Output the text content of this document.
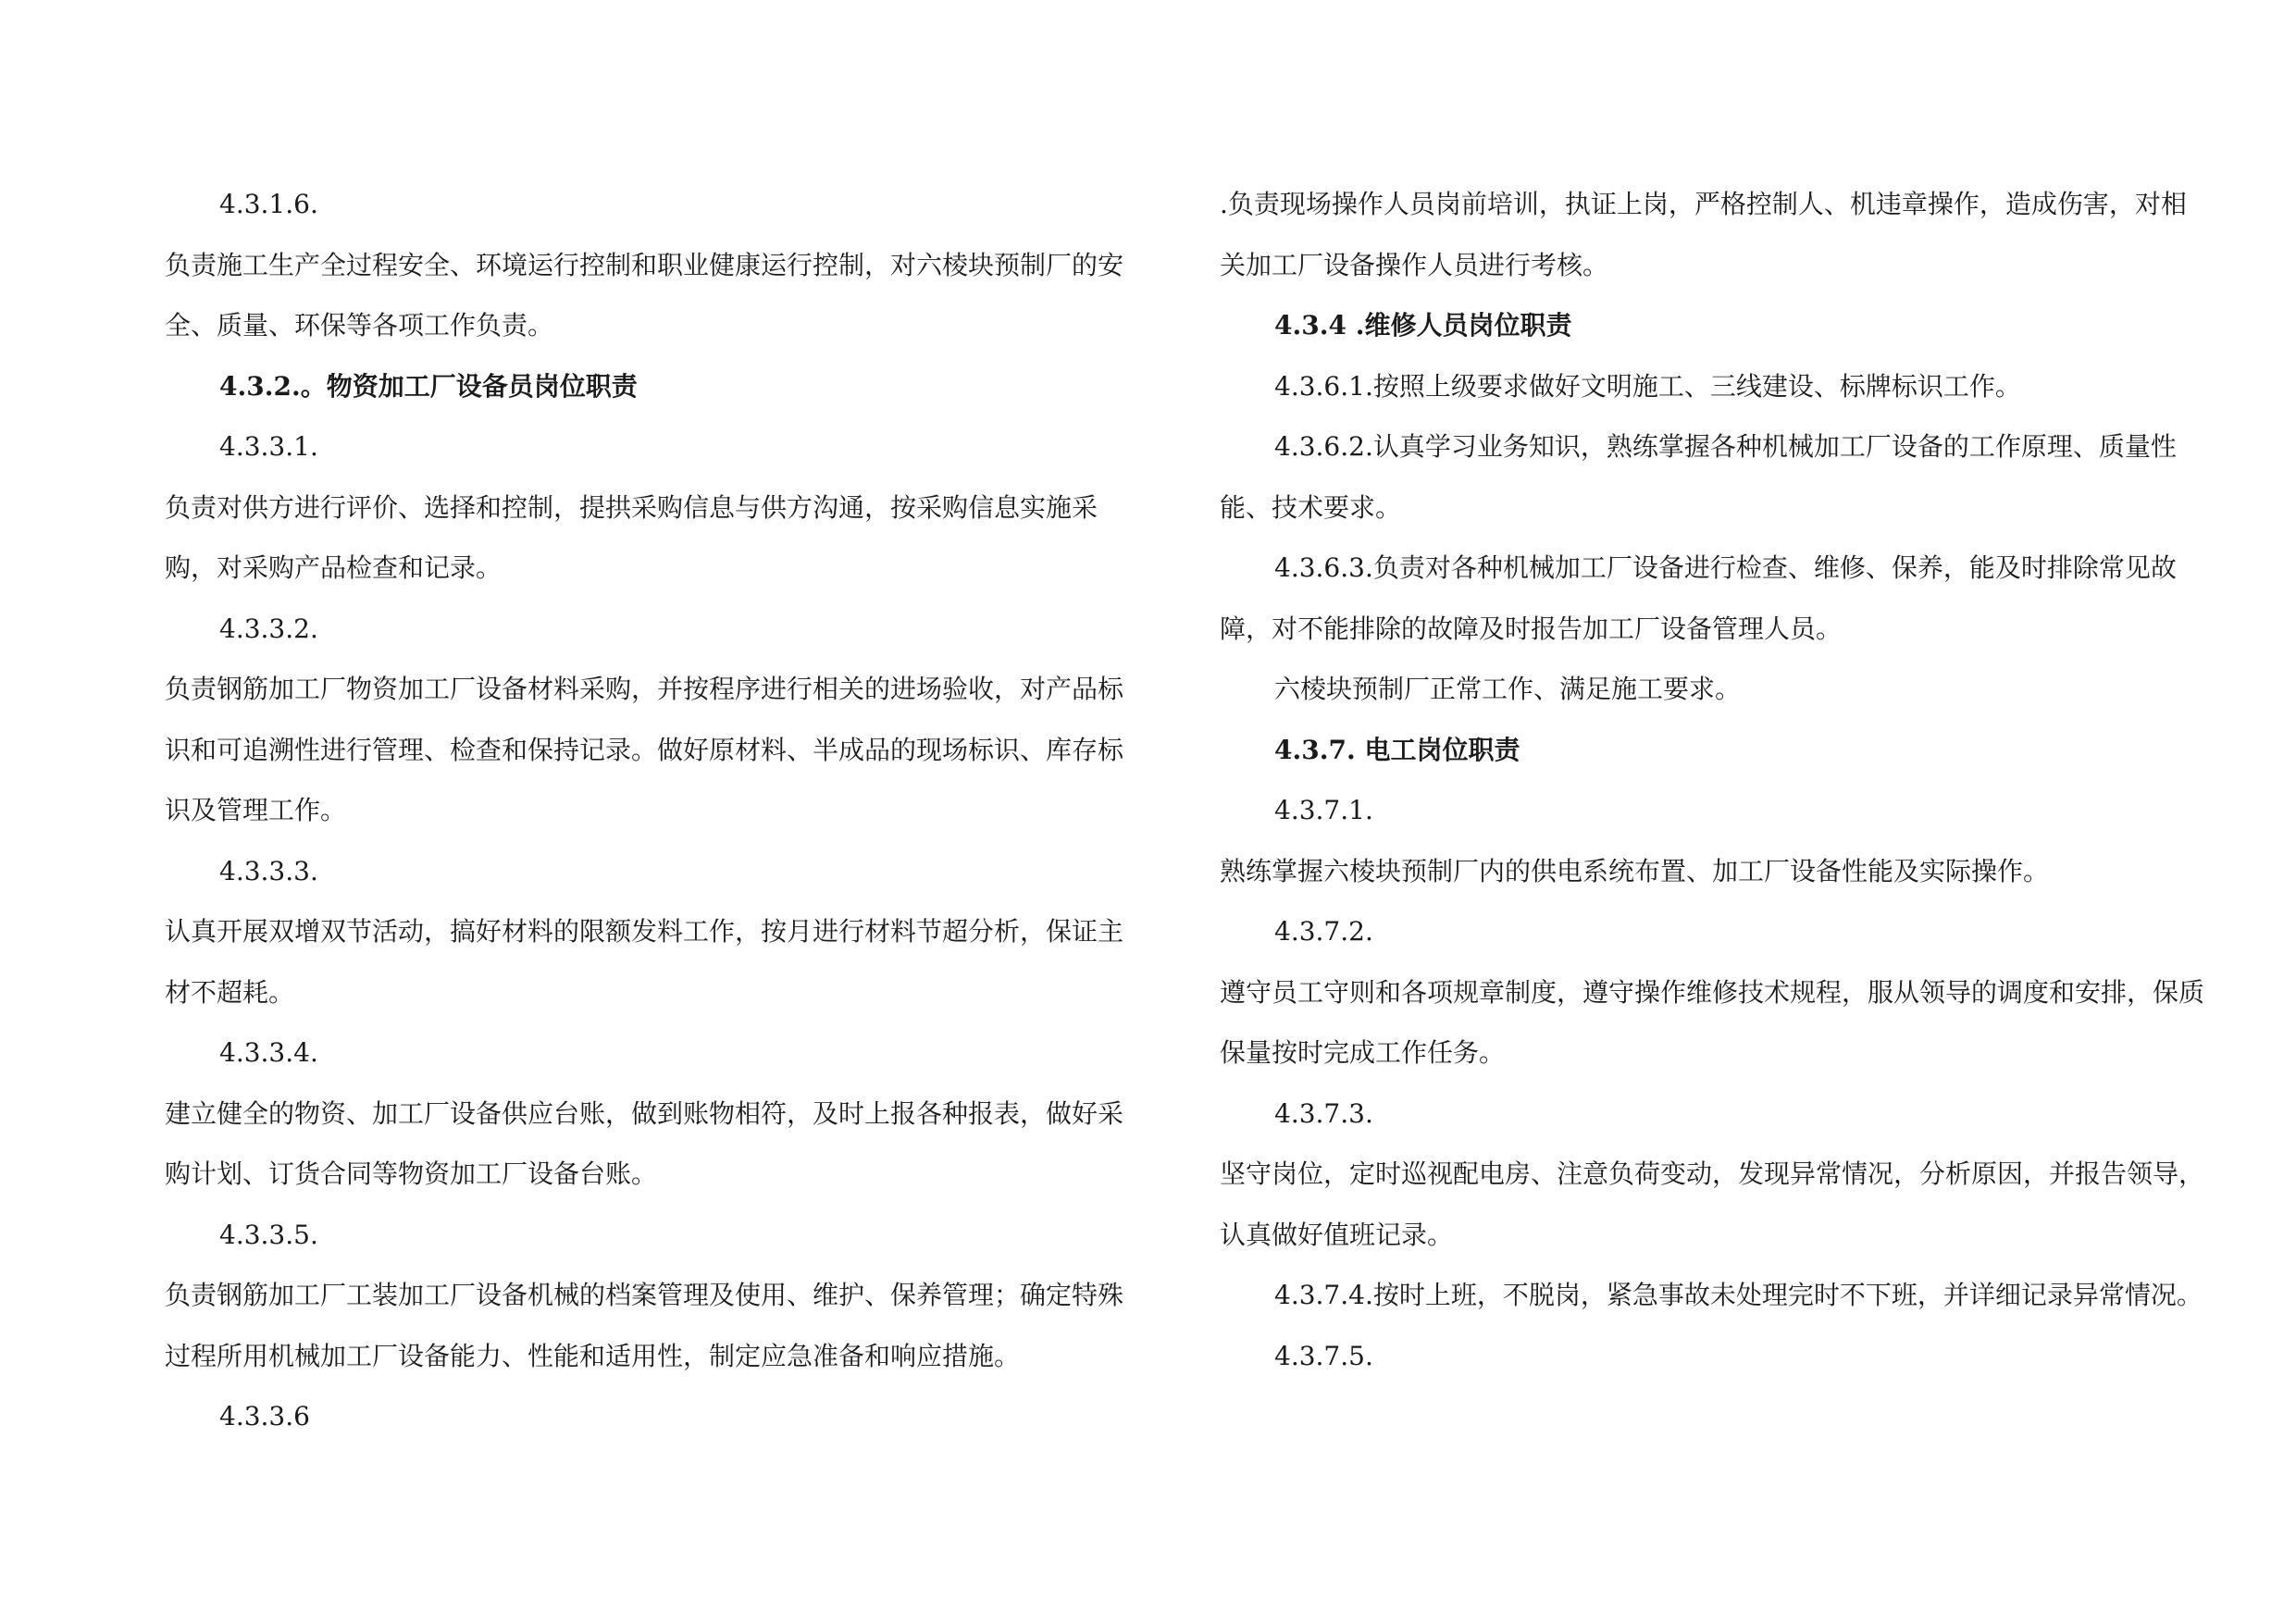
4.3.1.6.

负责施工生产全过程安全、环境运行控制和职业健康运行控制，对六棱块预制厂的安全、质量、环保等各项工作负责。

4.3.2.。物资加工厂设备员岗位职责

4.3.3.1.

负责对供方进行评价、选择和控制，提拱采购信息与供方沟通，按采购信息实施采购，对采购产品检查和记录。

4.3.3.2.

负责钢筋加工厂物资加工厂设备材料采购，并按程序进行相关的进场验收，对产品标识和可追溯性进行管理、检查和保持记录。做好原材料、半成品的现场标识、库存标识及管理工作。

4.3.3.3.

认真开展双增双节活动，搞好材料的限额发料工作，按月进行材料节超分析，保证主材不超耗。

4.3.3.4.

建立健全的物资、加工厂设备供应台账，做到账物相符，及时上报各种报表，做好采购计划、订货合同等物资加工厂设备台账。

4.3.3.5.

负责钢筋加工厂工装加工厂设备机械的档案管理及使用、维护、保养管理；确定特殊过程所用机械加工厂设备能力、性能和适用性，制定应急准备和响应措施。

4.3.3.6

.负责现场操作人员岗前培训，执证上岗，严格控制人、机违章操作，造成伤害，对相关加工厂设备操作人员进行考核。

4.3.4 .维修人员岗位职责

4.3.6.1.按照上级要求做好文明施工、三线建设、标牌标识工作。

4.3.6.2.认真学习业务知识，熟练掌握各种机械加工厂设备的工作原理、质量性能、技术要求。

4.3.6.3.负责对各种机械加工厂设备进行检查、维修、保养，能及时排除常见故障，对不能排除的故障及时报告加工厂设备管理人员。

六棱块预制厂正常工作、满足施工要求。

4.3.7. 电工岗位职责

4.3.7.1.

熟练掌握六棱块预制厂内的供电系统布置、加工厂设备性能及实际操作。

4.3.7.2.

遵守员工守则和各项规章制度，遵守操作维修技术规程，服从领导的调度和安排，保质保量按时完成工作任务。

4.3.7.3.

坚守岗位，定时巡视配电房、注意负荷变动，发现异常情况，分析原因，并报告领导，认真做好值班记录。

4.3.7.4.按时上班，不脱岗，紧急事故未处理完时不下班，并详细记录异常情况。

4.3.7.5.
